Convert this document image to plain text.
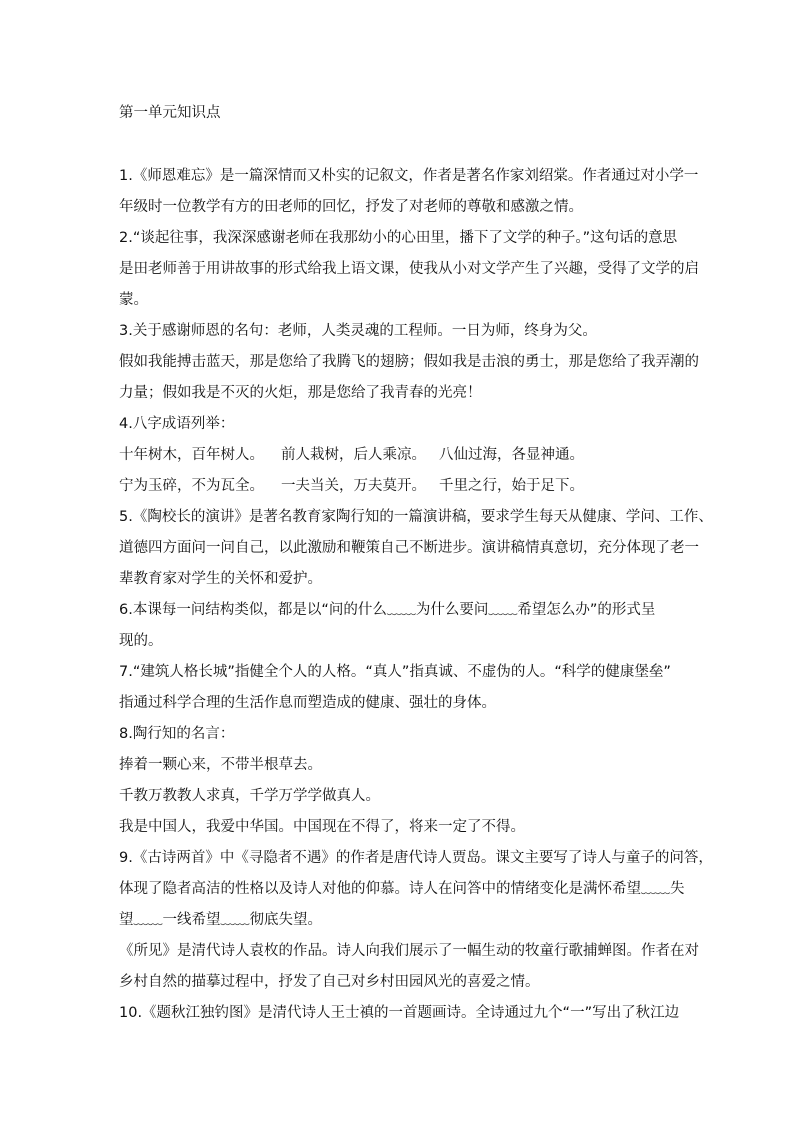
第一单元知识点
1.《师恩难忘》是一篇深情而又朴实的记叙文，作者是著名作家刘绍棠。作者通过对小学一
年级时一位教学有方的田老师的回忆，抒发了对老师的尊敬和感激之情。
2.“谈起往事，我深深感谢老师在我那幼小的心田里，播下了文学的种子。”这句话的意思
是田老师善于用讲故事的形式给我上语文课，使我从小对文学产生了兴趣，受得了文学的启
蒙。
3.关于感谢师恩的名句：老师，人类灵魂的工程师。一日为师，终身为父。
假如我能搏击蓝天，那是您给了我腾飞的翅膀；假如我是击浪的勇士，那是您给了我弄潮的
力量；假如我是不灭的火炬，那是您给了我青春的光亮！
4.八字成语列举：
十年树木，百年树人。	前人栽树，后人乘凉。 八仙过海，各显神通。
宁为玉碎，不为瓦全。	一夫当关，万夫莫开。 千里之行，始于足下。
5.《陶校长的演讲》是著名教育家陶行知的一篇演讲稿，要求学生每天从健康、学问、工作、
道德四方面问一问自己，以此激励和鞭策自己不断进步。演讲稿情真意切，充分体现了老一
辈教育家对学生的关怀和爱护。
6.本课每一问结构类似，都是以“问的什么﹏﹏为什么要问﹏﹏希望怎么办”的形式呈
现的。
7.“建筑人格长城”指健全个人的人格。“真人”指真诚、不虚伪的人。“科学的健康堡垒”
指通过科学合理的生活作息而塑造成的健康、强壮的身体。
8.陶行知的名言：
捧着一颗心来，不带半根草去。
千教万教教人求真，千学万学学做真人。
我是中国人，我爱中华国。中国现在不得了，将来一定了不得。
9.《古诗两首》中《寻隐者不遇》的作者是唐代诗人贾岛。课文主要写了诗人与童子的问答，
体现了隐者高洁的性格以及诗人对他的仰慕。诗人在问答中的情绪变化是满怀希望﹏﹏失
望﹏﹏一线希望﹏﹏彻底失望。
《所见》是清代诗人袁枚的作品。诗人向我们展示了一幅生动的牧童行歌捕蝉图。作者在对
乡村自然的描摹过程中，抒发了自己对乡村田园风光的喜爱之情。
10.《题秋江独钓图》是清代诗人王士禛的一首题画诗。全诗通过九个“一”写出了秋江边
